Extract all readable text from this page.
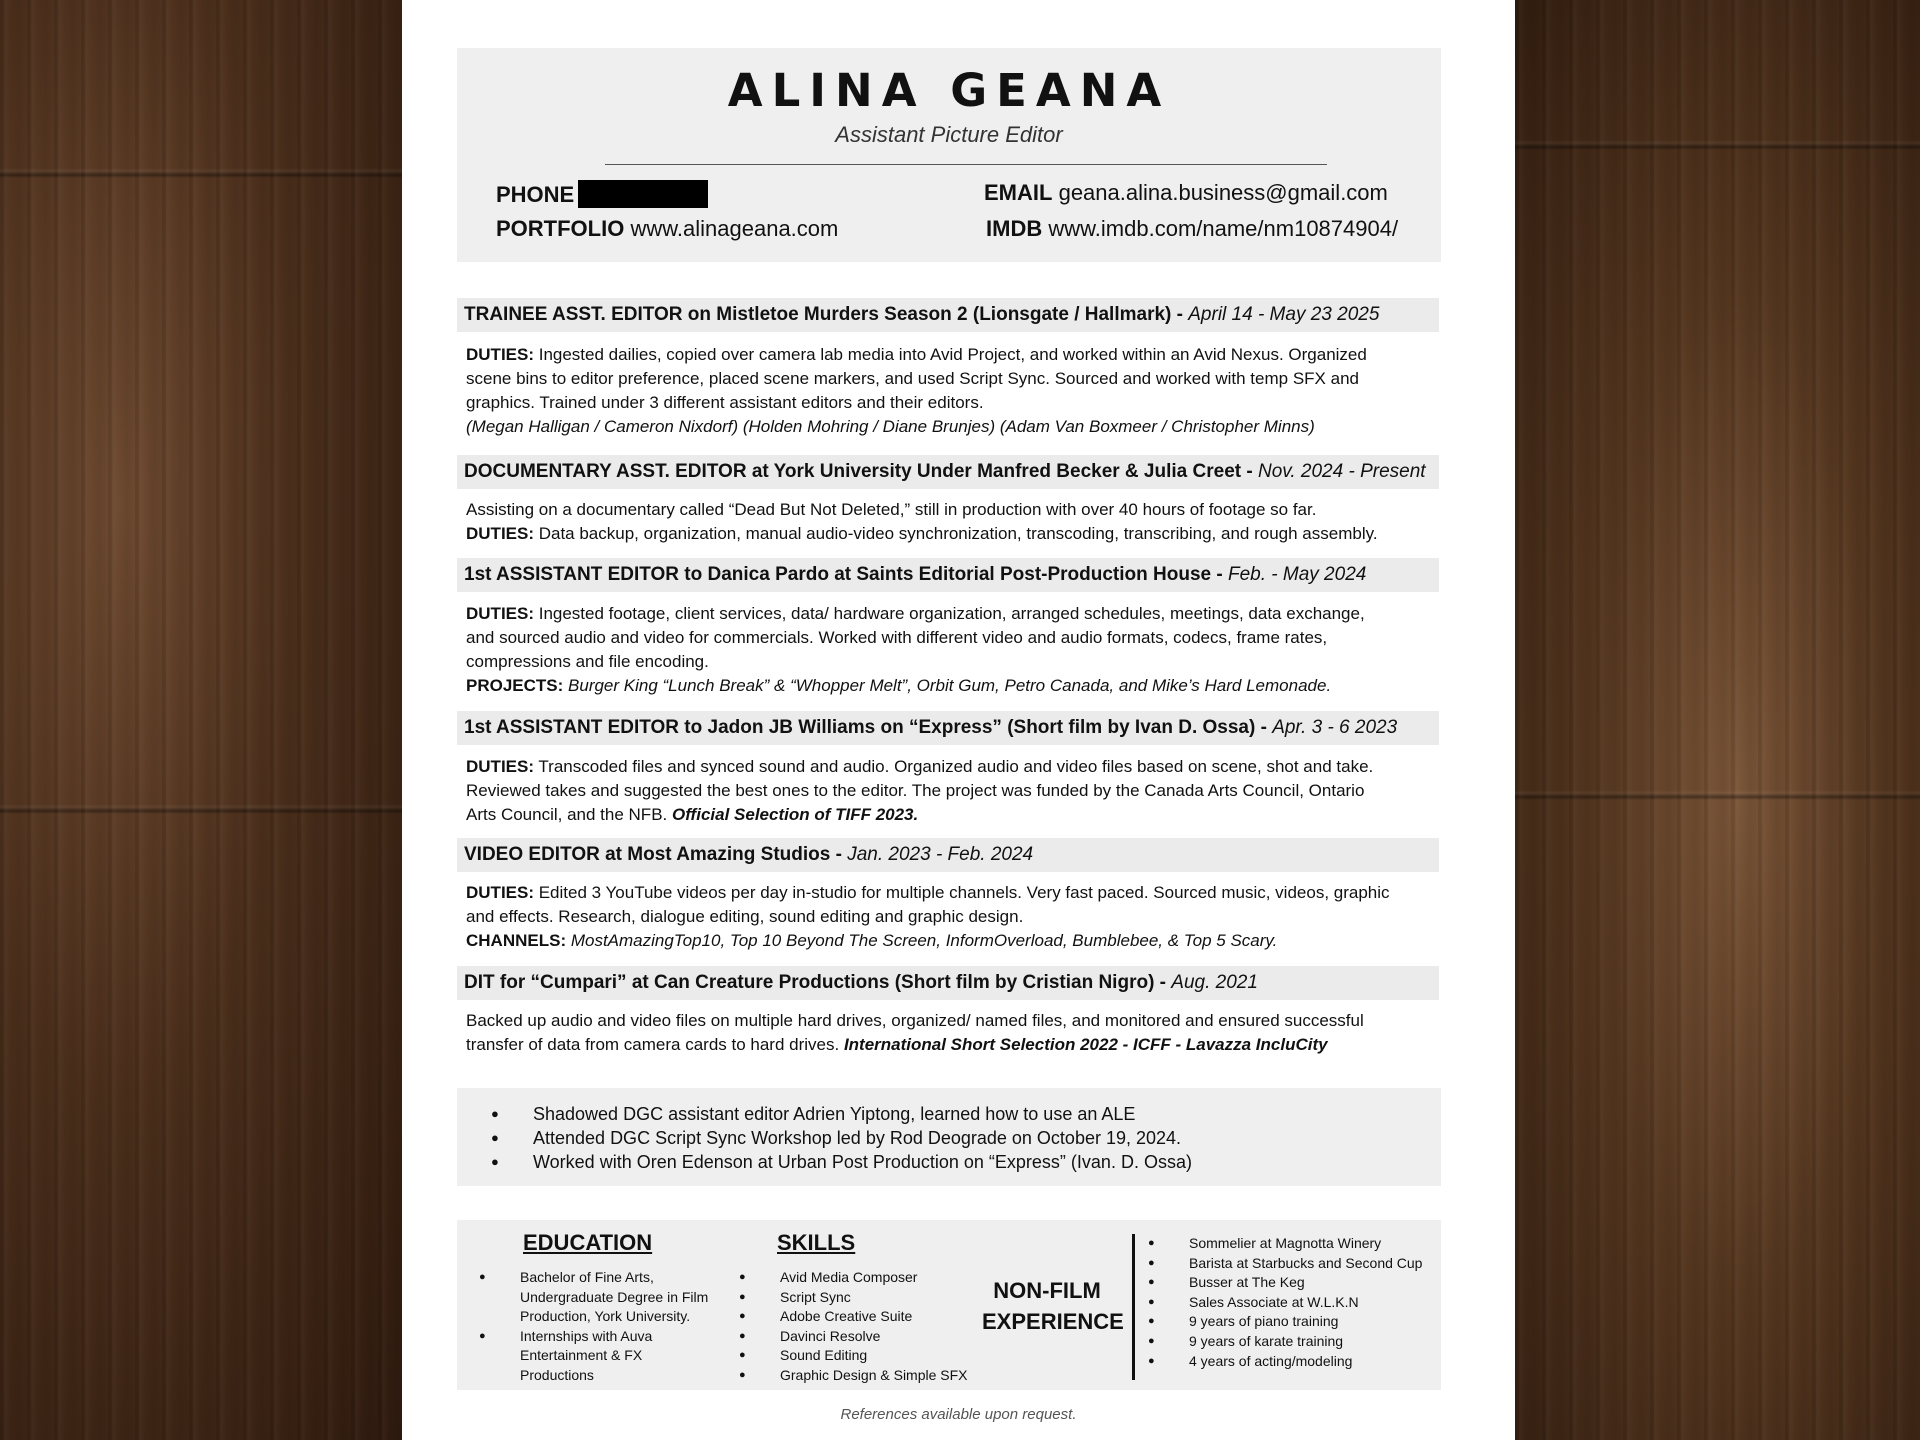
ALINA GEANA
Assistant Picture Editor
PHONE
PORTFOLIO www.alinageana.com
EMAIL geana.alina.business@gmail.com
IMDB www.imdb.com/name/nm10874904/
TRAINEE ASST. EDITOR on Mistletoe Murders Season 2 (Lionsgate / Hallmark) - April 14 - May 23 2025
DUTIES: Ingested dailies, copied over camera lab media into Avid Project, and worked within an Avid Nexus. Organized
scene bins to editor preference, placed scene markers, and used Script Sync. Sourced and worked with temp SFX and
graphics. Trained under 3 different assistant editors and their editors.
(Megan Halligan / Cameron Nixdorf) (Holden Mohring / Diane Brunjes) (Adam Van Boxmeer / Christopher Minns)
DOCUMENTARY ASST. EDITOR at York University Under Manfred Becker & Julia Creet - Nov. 2024 - Present
Assisting on a documentary called “Dead But Not Deleted,” still in production with over 40 hours of footage so far.
DUTIES: Data backup, organization, manual audio-video synchronization, transcoding, transcribing, and rough assembly.
1st ASSISTANT EDITOR to Danica Pardo at Saints Editorial Post-Production House - Feb. - May 2024
DUTIES: Ingested footage, client services, data/ hardware organization, arranged schedules, meetings, data exchange,
and sourced audio and video for commercials. Worked with different video and audio formats, codecs, frame rates,
compressions and file encoding.
PROJECTS: Burger King “Lunch Break” & “Whopper Melt”, Orbit Gum, Petro Canada, and Mike’s Hard Lemonade.
1st ASSISTANT EDITOR to Jadon JB Williams on “Express” (Short film by Ivan D. Ossa) - Apr. 3 - 6 2023
DUTIES: Transcoded files and synced sound and audio. Organized audio and video files based on scene, shot and take.
Reviewed takes and suggested the best ones to the editor. The project was funded by the Canada Arts Council, Ontario
Arts Council, and the NFB. Official Selection of TIFF 2023.
VIDEO EDITOR at Most Amazing Studios - Jan. 2023 - Feb. 2024
DUTIES: Edited 3 YouTube videos per day in-studio for multiple channels. Very fast paced. Sourced music, videos, graphic
and effects. Research, dialogue editing, sound editing and graphic design.
CHANNELS: MostAmazingTop10, Top 10 Beyond The Screen, InformOverload, Bumblebee, & Top 5 Scary.
DIT for “Cumpari” at Can Creature Productions (Short film by Cristian Nigro) - Aug. 2021
Backed up audio and video files on multiple hard drives, organized/ named files, and monitored and ensured successful
transfer of data from camera cards to hard drives. International Short Selection 2022 - ICFF - Lavazza IncluCity
● Shadowed DGC assistant editor Adrien Yiptong, learned how to use an ALE
● Attended DGC Script Sync Workshop led by Rod Deograde on October 19, 2024.
● Worked with Oren Edenson at Urban Post Production on “Express” (Ivan. D. Ossa)
EDUCATION
● Bachelor of Fine Arts, Undergraduate Degree in Film Production, York University.
● Internships with Auva Entertainment & FX Productions
SKILLS
● Avid Media Composer
● Script Sync
● Adobe Creative Suite
● Davinci Resolve
● Sound Editing
● Graphic Design & Simple SFX
NON-FILM
EXPERIENCE
● Sommelier at Magnotta Winery
● Barista at Starbucks and Second Cup
● Busser at The Keg
● Sales Associate at W.L.K.N
● 9 years of piano training
● 9 years of karate training
● 4 years of acting/modeling
References available upon request.
